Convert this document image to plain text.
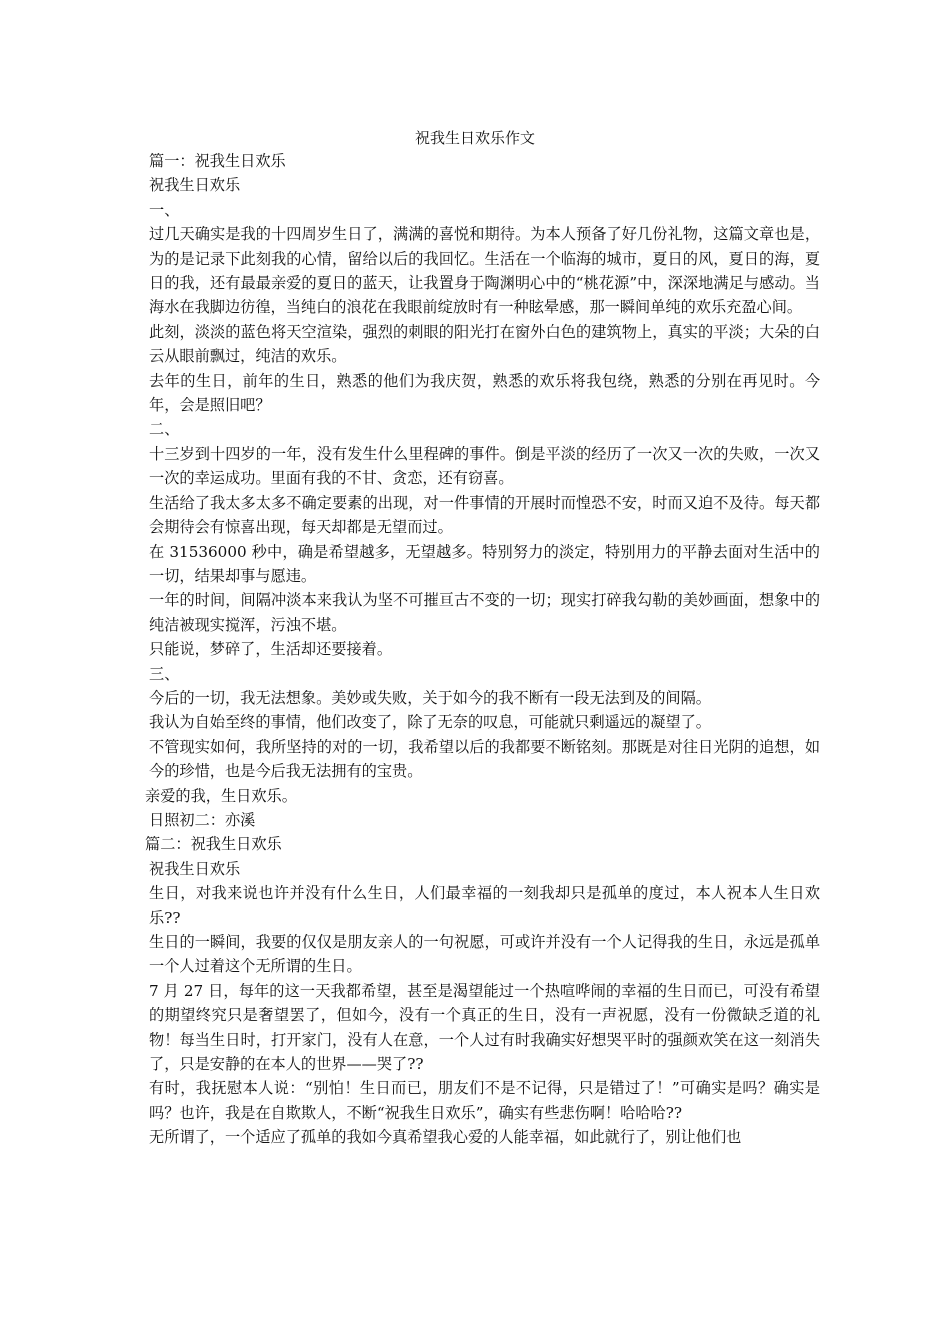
祝我生日欢乐作文

篇一：祝我生日欢乐

祝我生日欢乐

一、

过几天确实是我的十四周岁生日了，满满的喜悦和期待。为本人预备了好几份礼物，这篇文章也是，为的是记录下此刻我的心情，留给以后的我回忆。生活在一个临海的城市，夏日的风，夏日的海，夏日的我，还有最最亲爱的夏日的蓝天，让我置身于陶渊明心中的“桃花源”中，深深地满足与感动。当海水在我脚边彷徨，当纯白的浪花在我眼前绽放时有一种眩晕感，那一瞬间单纯的欢乐充盈心间。

此刻，淡淡的蓝色将天空渲染，强烈的刺眼的阳光打在窗外白色的建筑物上，真实的平淡；大朵的白云从眼前飘过，纯洁的欢乐。

去年的生日，前年的生日，熟悉的他们为我庆贺，熟悉的欢乐将我包绕，熟悉的分别在再见时。今年，会是照旧吧？

二、

十三岁到十四岁的一年，没有发生什么里程碑的事件。倒是平淡的经历了一次又一次的失败，一次又一次的幸运成功。里面有我的不甘、贪恋，还有窃喜。

生活给了我太多太多不确定要素的出现，对一件事情的开展时而惶恐不安，时而又迫不及待。每天都会期待会有惊喜出现，每天却都是无望而过。

在 31536000 秒中，确是希望越多，无望越多。特别努力的淡定，特别用力的平静去面对生活中的一切，结果却事与愿违。

一年的时间，间隔冲淡本来我认为坚不可摧亘古不变的一切；现实打碎我勾勒的美妙画面，想象中的纯洁被现实搅浑，污浊不堪。

只能说，梦碎了，生活却还要接着。

三、

今后的一切，我无法想象。美妙或失败，关于如今的我不断有一段无法到及的间隔。

我认为自始至终的事情，他们改变了，除了无奈的叹息，可能就只剩遥远的凝望了。

不管现实如何，我所坚持的对的一切，我希望以后的我都要不断铭刻。那既是对往日光阴的追想，如今的珍惜，也是今后我无法拥有的宝贵。

亲爱的我，生日欢乐。

日照初二：亦溪

篇二：祝我生日欢乐

祝我生日欢乐

生日，对我来说也许并没有什么生日，人们最幸福的一刻我却只是孤单的度过，本人祝本人生日欢乐??

生日的一瞬间，我要的仅仅是朋友亲人的一句祝愿，可或许并没有一个人记得我的生日，永远是孤单一个人过着这个无所谓的生日。

7 月 27 日，每年的这一天我都希望，甚至是渴望能过一个热喧哗闹的幸福的生日而已，可没有希望的期望终究只是奢望罢了，但如今，没有一个真正的生日，没有一声祝愿，没有一份微缺乏道的礼物！每当生日时，打开家门，没有人在意，一个人过有时我确实好想哭平时的强颜欢笑在这一刻消失了，只是安静的在本人的世界——哭了??

有时，我抚慰本人说：“别怕！生日而已，朋友们不是不记得，只是错过了！”可确实是吗？确实是吗？也许，我是在自欺欺人，不断“祝我生日欢乐”，确实有些悲伤啊！哈哈哈??

无所谓了，一个适应了孤单的我如今真希望我心爱的人能幸福，如此就行了，别让他们也
